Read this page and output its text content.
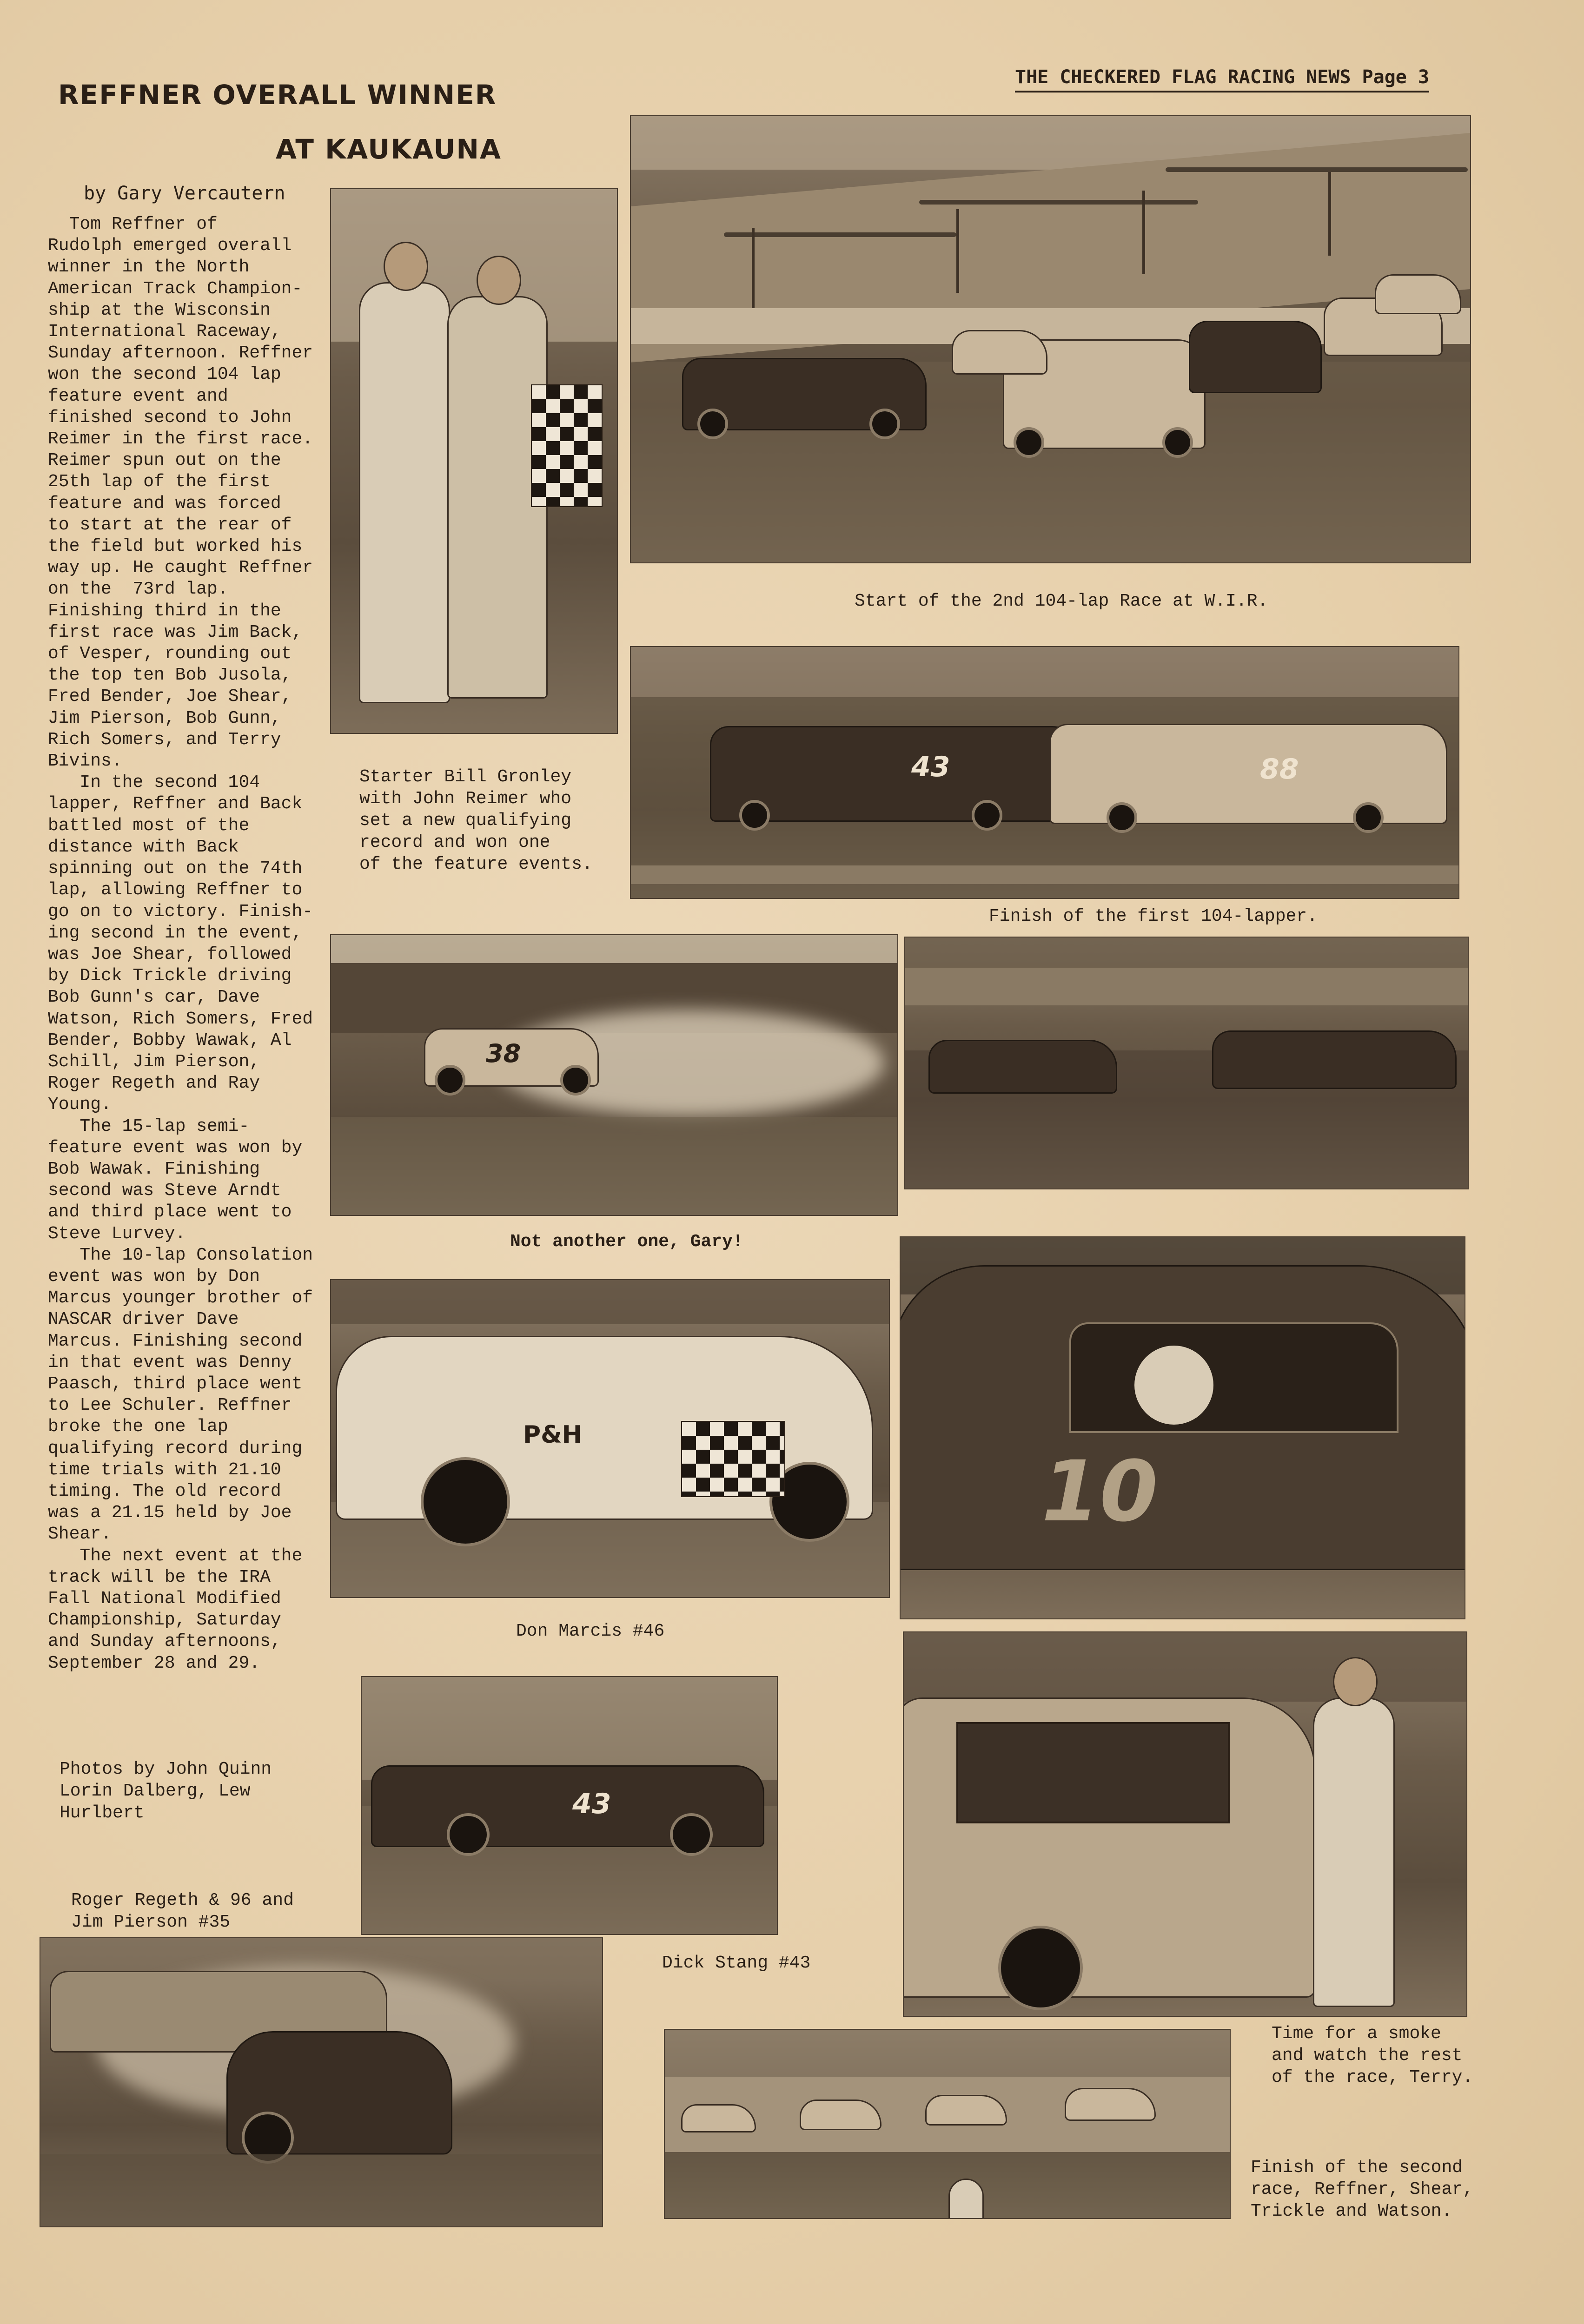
REFFNER OVERALL WINNER
AT KAUKAUNA
THE CHECKERED FLAG RACING NEWS Page 3
by Gary Vercautern
Tom Reffner of
Rudolph emerged overall
winner in the North
American Track Champion-
ship at the Wisconsin
International Raceway,
Sunday afternoon. Reffner
won the second 104 lap
feature event and
finished second to John
Reimer in the first race.
Reimer spun out on the
25th lap of the first
feature and was forced
to start at the rear of
the field but worked his
way up. He caught Reffner
on the  73rd lap.
Finishing third in the
first race was Jim Back,
of Vesper, rounding out
the top ten Bob Jusola,
Fred Bender, Joe Shear,
Jim Pierson, Bob Gunn,
Rich Somers, and Terry
Bivins.
In the second 104
lapper, Reffner and Back
battled most of the
distance with Back
spinning out on the 74th
lap, allowing Reffner to
go on to victory. Finish-
ing second in the event,
was Joe Shear, followed
by Dick Trickle driving
Bob Gunn's car, Dave
Watson, Rich Somers, Fred
Bender, Bobby Wawak, Al
Schill, Jim Pierson,
Roger Regeth and Ray
Young.
The 15-lap semi-
feature event was won by
Bob Wawak. Finishing
second was Steve Arndt
and third place went to
Steve Lurvey.
The 10-lap Consolation
event was won by Don
Marcus younger brother of
NASCAR driver Dave
Marcus. Finishing second
in that event was Denny
Paasch, third place went
to Lee Schuler. Reffner
broke the one lap
qualifying record during
time trials with 21.10
timing. The old record
was a 21.15 held by Joe
Shear.
The next event at the
track will be the IRA
Fall National Modified
Championship, Saturday
and Sunday afternoons,
September 28 and 29.

Starter Bill Gronley
with John Reimer who
set a new qualifying
record and won one
of the feature events.
Start of the 2nd 104-lap Race at W.I.R.
43	88
Finish of the first 104-lapper.
38
Not another one, Gary!
P&H
Don Marcis #46
10
Photos by John Quinn
Lorin Dalberg, Lew
Hurlbert	43
Dick Stang #43
Time for a smoke
and watch the rest
of the race, Terry.
Roger Regeth & 96 and
Jim Pierson #35
Finish of the second
race, Reffner, Shear,
Trickle and Watson.
